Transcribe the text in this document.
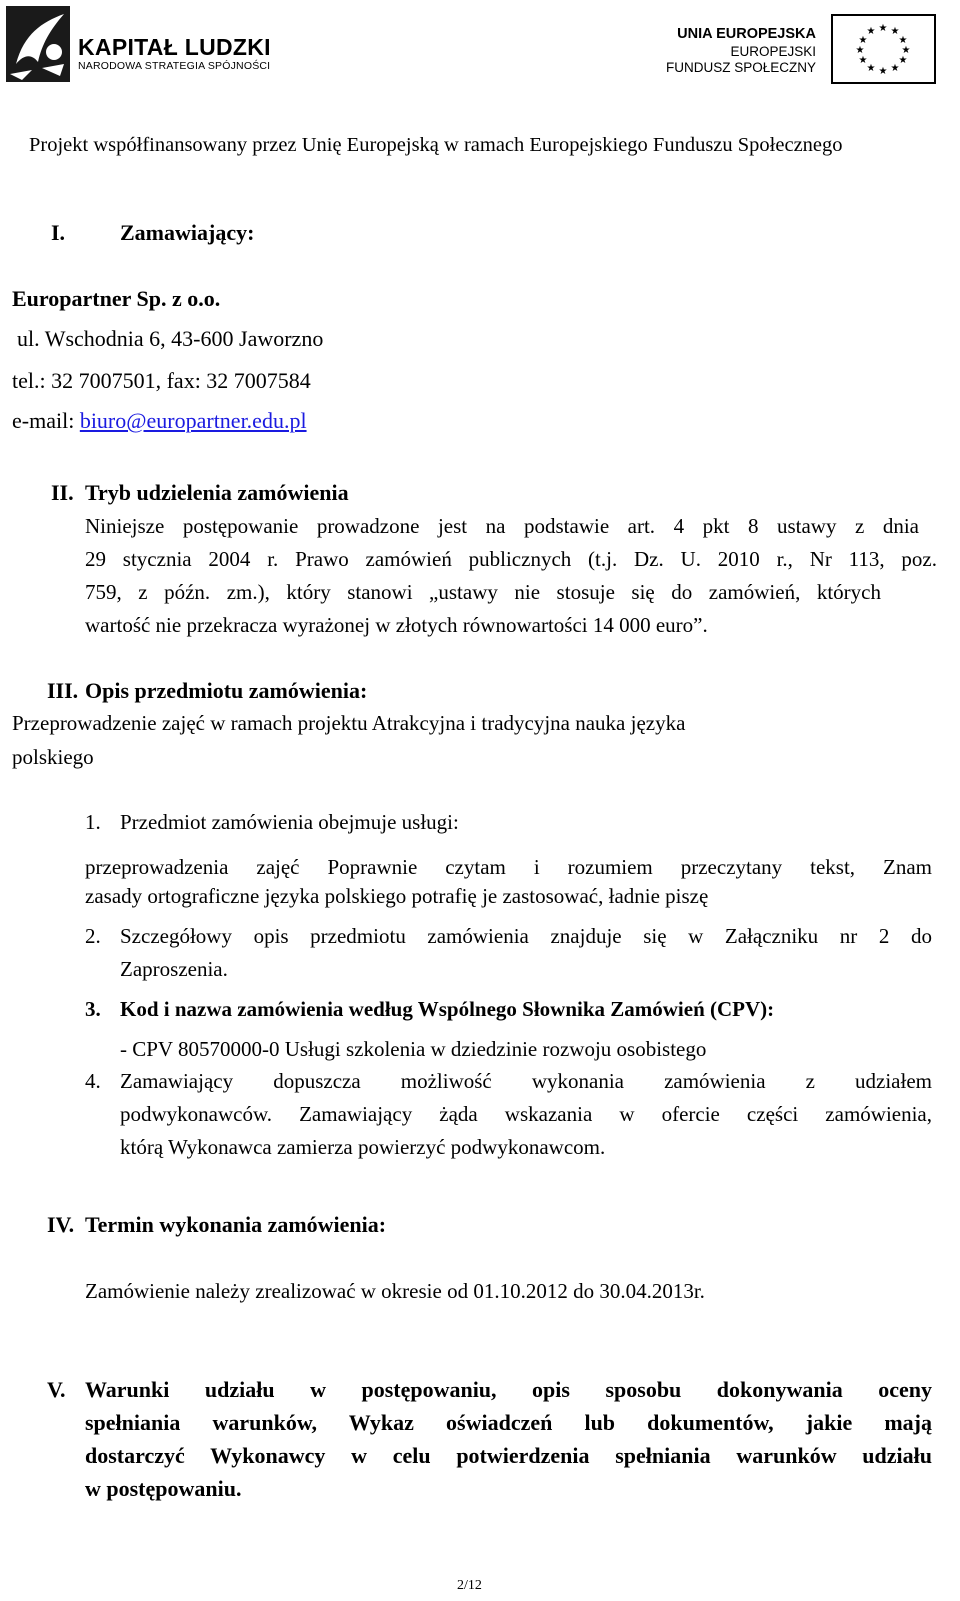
KAPITAŁ LUDZKI
NARODOWA STRATEGIA SPÓJNOŚCI
UNIA EUROPEJSKA
EUROPEJSKI
FUNDUSZ SPOŁECZNY
★ ★
★
★
★
★
★
★
★
★
★
★
Projekt współfinansowany przez Unię Europejską w ramach Europejskiego Funduszu Społecznego
I. Zamawiający:
Europartner Sp. z o.o.
ul. Wschodnia 6, 43-600 Jaworzno
tel.: 32 7007501, fax: 32 7007584
e-mail: biuro@europartner.edu.pl
II. Tryb udzielenia zamówienia
Niniejsze postępowanie prowadzone jest na podstawie art. 4 pkt 8 ustawy z dnia
29 stycznia 2004 r. Prawo zamówień publicznych (t.j. Dz. U. 2010 r., Nr 113, poz.
759, z późn. zm.), który stanowi „ustawy nie stosuje się do zamówień, których
wartość nie przekracza wyrażonej w złotych równowartości 14 000 euro”.
III. Opis przedmiotu zamówienia:
Przeprowadzenie zajęć w ramach projektu Atrakcyjna i tradycyjna nauka języka
polskiego
1. Przedmiot zamówienia obejmuje usługi:
przeprowadzenia zajęć Poprawnie czytam i rozumiem przeczytany tekst, Znam
zasady ortograficzne języka polskiego potrafię je zastosować, ładnie piszę
2. Szczegółowy opis przedmiotu zamówienia znajduje się w Załączniku nr 2 do
Zaproszenia.
3. Kod i nazwa zamówienia według Wspólnego Słownika Zamówień (CPV):
- CPV 80570000-0 Usługi szkolenia w dziedzinie rozwoju osobistego
4. Zamawiający dopuszcza możliwość wykonania zamówienia z udziałem
podwykonawców. Zamawiający żąda wskazania w ofercie części zamówienia,
którą Wykonawca zamierza powierzyć podwykonawcom.
IV. Termin wykonania zamówienia:
Zamówienie należy zrealizować w okresie od 01.10.2012 do 30.04.2013r.
V. Warunki udziału w postępowaniu, opis sposobu dokonywania oceny
spełniania warunków, Wykaz oświadczeń lub dokumentów, jakie mają
dostarczyć Wykonawcy w celu potwierdzenia spełniania warunków udziału
w postępowaniu.
2/12
